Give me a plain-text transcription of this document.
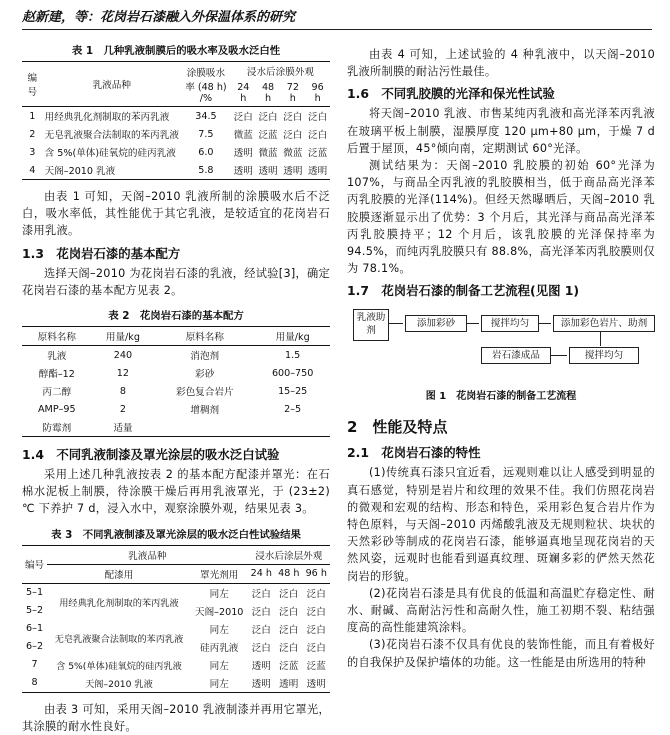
赵新建，等：花岗岩石漆融入外保温体系的研究
表 1　几种乳液制膜后的吸水率及吸水泛白性
编号	乳液品种	涂膜吸水率 (48 h) /%	浸水后涂膜外观			
			24 h	48 h	72 h	96 h
1	用经典乳化剂制取的苯丙乳液	34.5	泛白	泛白	泛白	泛白
2	无皂乳液聚合法制取的苯丙乳液	7.5	微蓝	泛蓝	泛白	泛白
3	含 5%(单体)硅氧烷的硅丙乳液	6.0	透明	微蓝	微蓝	泛蓝
4	天阁–2010 乳液	5.8	透明	透明	透明	透明

由表 1 可知，天阁–2010 乳液所制的涂膜吸水后不泛白，吸水率低，其性能优于其它乳液，是较适宜的花岗岩石漆用乳液。

1.3　花岗岩石漆的基本配方

选择天阁–2010 为花岗岩石漆的乳液，经试验[3]，确定花岗岩石漆的基本配方见表 2。

表 2　花岗岩石漆的基本配方
原料名称	用量/kg	原料名称	用量/kg
乳液	240	消泡剂	1.5
醇酯–12	12	彩砂	600–750
丙二醇	8	彩色复合岩片	15–25
AMP–95	2	增稠剂	2–5
防霉剂	适量		
1.4　不同乳液制漆及罩光涂层的吸水泛白试验

采用上述几种乳液按表 2 的基本配方配漆并罩光：在石棉水泥板上制膜，待涂膜干燥后再用乳液罩光，于 (23±2) ℃ 下养护 7 d，浸入水中，观察涂膜外观，结果见表 3。

表 3　不同乳液制漆及罩光涂层的吸水泛白性试验结果
编号	乳液品种		浸水后涂层外观		
	配漆用	罩光剂用	24 h	48 h	96 h
5–1	用经典乳化剂制取的苯丙乳液	同左	泛白	泛白	泛白
5–2		天阁–2010	泛白	泛白	泛白
6–1	无皂乳液聚合法制取的苯丙乳液	同左	泛白	泛白	泛白
6–2		硅丙乳液	泛白	泛白	泛白
7	含 5%(单体)硅氧烷的硅丙乳液	同左	透明	泛蓝	泛蓝
8	天阁–2010 乳液	同左	透明	透明	透明

由表 3 可知，采用天阁–2010 乳液制漆并再用它罩光，其涂膜的耐水性良好。

由表 4 可知，上述试验的 4 种乳液中，以天阁–2010 乳液所制膜的耐沾污性最佳。

1.6　不同乳胶膜的光泽和保光性试验

将天阁–2010 乳液、市售某纯丙乳液和高光泽苯丙乳液在玻璃平板上制膜，湿膜厚度 120 μm+80 μm，于燥 7 d 后置于屋顶，45°倾向南，定期测试 60°光泽。

测试结果为：天阁–2010 乳胶膜的初始 60°光泽为107%，与商品全丙乳液的乳胶膜相当，低于商品高光泽苯丙乳胶膜的光泽(114%)。但经天然曝晒后，天阁–2010 乳胶膜逐渐显示出了优势：3 个月后，其光泽与商品高光泽苯丙乳胶膜持平；12 个月后，该乳胶膜的光泽保持率为 94.5%，而纯丙乳胶膜只有 88.8%，高光泽苯丙乳胶膜则仅为 78.1%。

1.7　花岗岩石漆的制备工艺流程(见图 1)
乳液助剂
添加彩砂	搅拌均匀	添加彩色岩片、助剂
搅拌均匀
岩石漆成品
图 1　花岗岩石漆的制备工艺流程
2　性能及特点
2.1　花岗岩石漆的特性

(1)传统真石漆只宜近看，远观则难以让人感受到明显的真石感觉，特别是岩片和纹理的效果不佳。我们仿照花岗岩的微观和宏观的结构、形态和特色，采用彩色复合岩片作为特色原料，与天阁–2010 丙烯酸乳液及无规则粒状、块状的天然彩砂等制成的花岗岩石漆，能够逼真地呈现花岗岩的天然风姿，远观时也能看到逼真纹理、斑斓多彩的俨然天然花岗岩的形貌。

(2)花岗岩石漆是具有优良的低温和高温贮存稳定性、耐水、耐碱、高耐沾污性和高耐久性，施工初期不裂、粘结强度高的高性能建筑涂料。

(3)花岗岩石漆不仅具有优良的装饰性能，而且有着极好的自我保护及保护墙体的功能。这一性能是由所选用的特种
